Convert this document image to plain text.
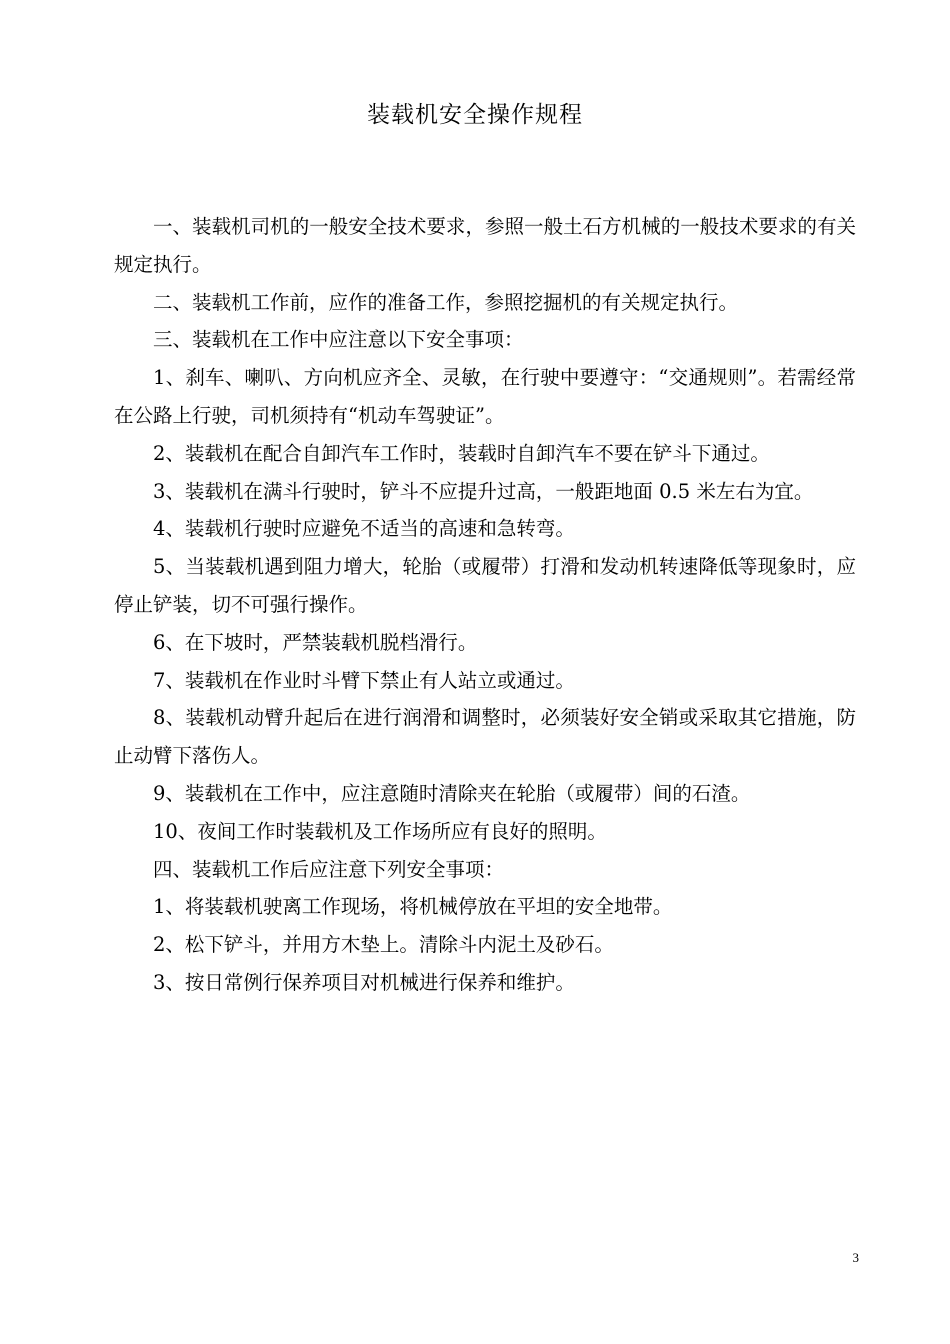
装载机安全操作规程

一、装载机司机的一般安全技术要求，参照一般土石方机械的一般技术要求的有关规定执行。

二、装载机工作前，应作的准备工作，参照挖掘机的有关规定执行。

三、装载机在工作中应注意以下安全事项：

1、刹车、喇叭、方向机应齐全、灵敏，在行驶中要遵守：“交通规则”。若需经常在公路上行驶，司机须持有“机动车驾驶证”。

2、装载机在配合自卸汽车工作时，装载时自卸汽车不要在铲斗下通过。

3、装载机在满斗行驶时，铲斗不应提升过高，一般距地面 0.5 米左右为宜。

4、装载机行驶时应避免不适当的高速和急转弯。

5、当装载机遇到阻力增大，轮胎（或履带）打滑和发动机转速降低等现象时，应停止铲装，切不可强行操作。

6、在下坡时，严禁装载机脱档滑行。

7、装载机在作业时斗臂下禁止有人站立或通过。

8、装载机动臂升起后在进行润滑和调整时，必须装好安全销或采取其它措施，防止动臂下落伤人。

9、装载机在工作中，应注意随时清除夹在轮胎（或履带）间的石渣。

10、夜间工作时装载机及工作场所应有良好的照明。

四、装载机工作后应注意下列安全事项：

1、将装载机驶离工作现场，将机械停放在平坦的安全地带。

2、松下铲斗，并用方木垫上。清除斗内泥土及砂石。

3、按日常例行保养项目对机械进行保养和维护。

3
